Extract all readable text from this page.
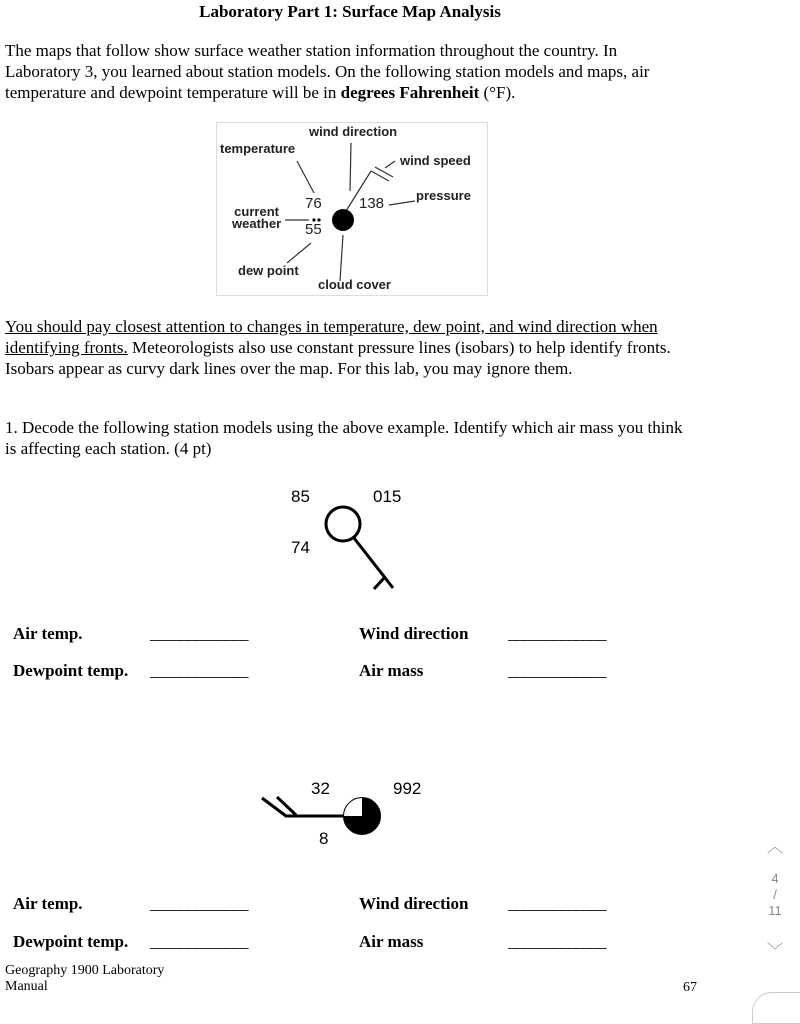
Laboratory Part 1: Surface Map Analysis
The maps that follow show surface weather station information throughout the country. In Laboratory 3, you learned about station models. On the following station models and maps, air temperature and dewpoint temperature will be in degrees Fahrenheit (°F).
wind direction
temperature
wind speed
pressure
current
weather
dew point
cloud cover
76
55
138
You should pay closest attention to changes in temperature, dew point, and wind direction when identifying fronts. Meteorologists also use constant pressure lines (isobars) to help identify fronts. Isobars appear as curvy dark lines over the map. For this lab, you may ignore them.
1. Decode the following station models using the above example. Identify which air mass you think is affecting each station. (4 pt)
85
74
015
Air temp.	_____________	Wind direction _____________
Dewpoint temp. _____________	Air mass	_____________
32
8
992
Air temp.	_____________	Wind direction _____________
Dewpoint temp. _____________	Air mass	_____________
Geography 1900 Laboratory
Manual	67
︿
4
/
11
﹀
